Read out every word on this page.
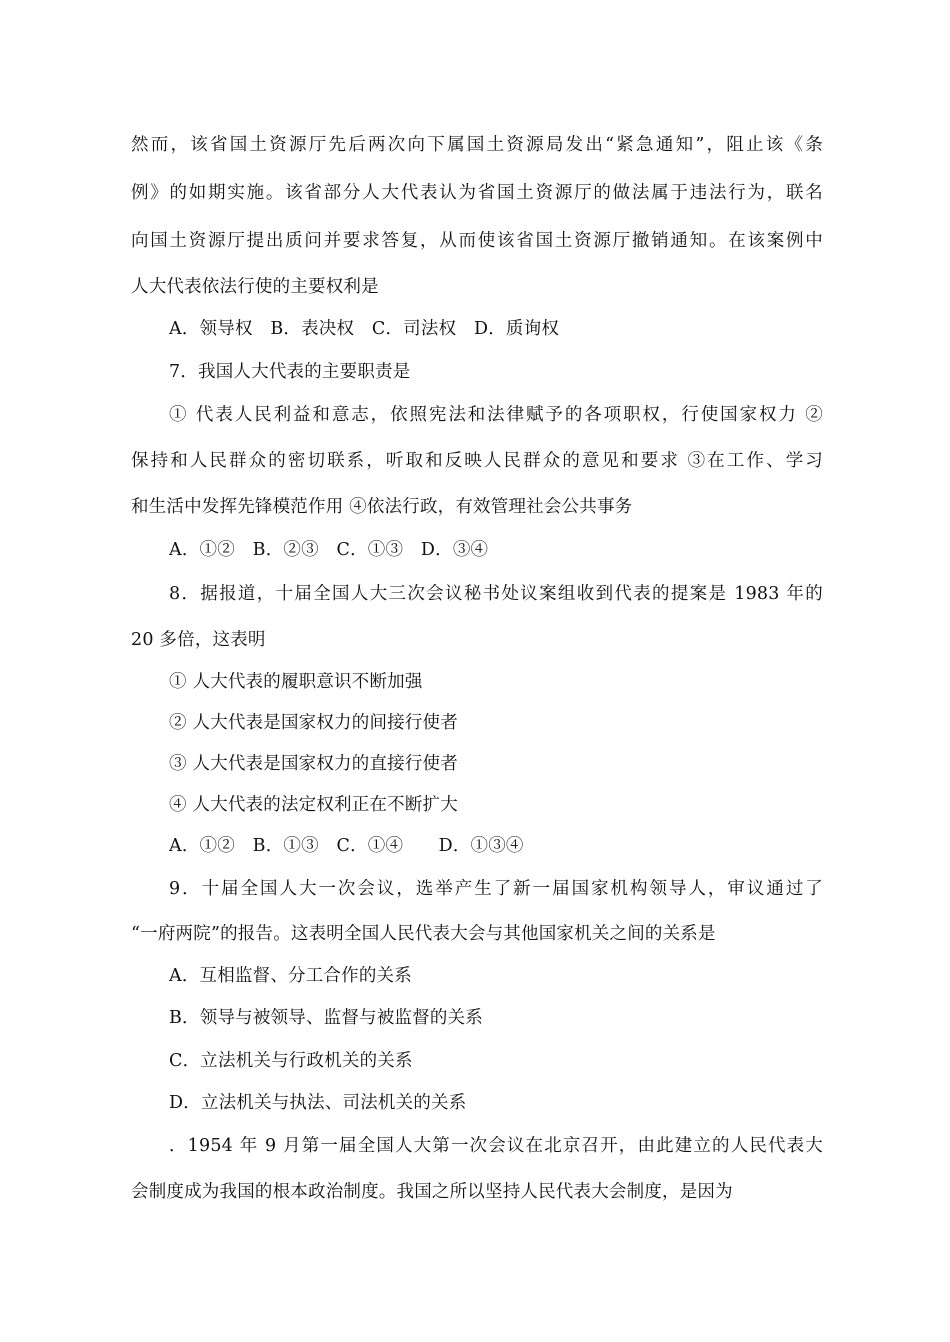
然而，该省国土资源厅先后两次向下属国土资源局发出“紧急通知”，阻止该《条
例》的如期实施。该省部分人大代表认为省国土资源厅的做法属于违法行为，联名
向国土资源厅提出质问并要求答复，从而使该省国土资源厅撤销通知。在该案例中
人大代表依法行使的主要权利是
A．领导权　B．表决权　C．司法权　D．质询权
7．我国人大代表的主要职责是
① 代表人民利益和意志，依照宪法和法律赋予的各项职权，行使国家权力 ②
保持和人民群众的密切联系，听取和反映人民群众的意见和要求 ③在工作、学习
和生活中发挥先锋模范作用 ④依法行政，有效管理社会公共事务
A．①②　B．②③　C．①③　D．③④
8．据报道，十届全国人大三次会议秘书处议案组收到代表的提案是 1983 年的
20 多倍，这表明
① 人大代表的履职意识不断加强
② 人大代表是国家权力的间接行使者
③ 人大代表是国家权力的直接行使者
④ 人大代表的法定权利正在不断扩大
A．①②　B．①③　C．①④　　D．①③④
9．十届全国人大一次会议，选举产生了新一届国家机构领导人，审议通过了
“一府两院”的报告。这表明全国人民代表大会与其他国家机关之间的关系是
A．互相监督、分工合作的关系
B．领导与被领导、监督与被监督的关系
C．立法机关与行政机关的关系
D．立法机关与执法、司法机关的关系
．1954 年 9 月第一届全国人大第一次会议在北京召开，由此建立的人民代表大
会制度成为我国的根本政治制度。我国之所以坚持人民代表大会制度，是因为
